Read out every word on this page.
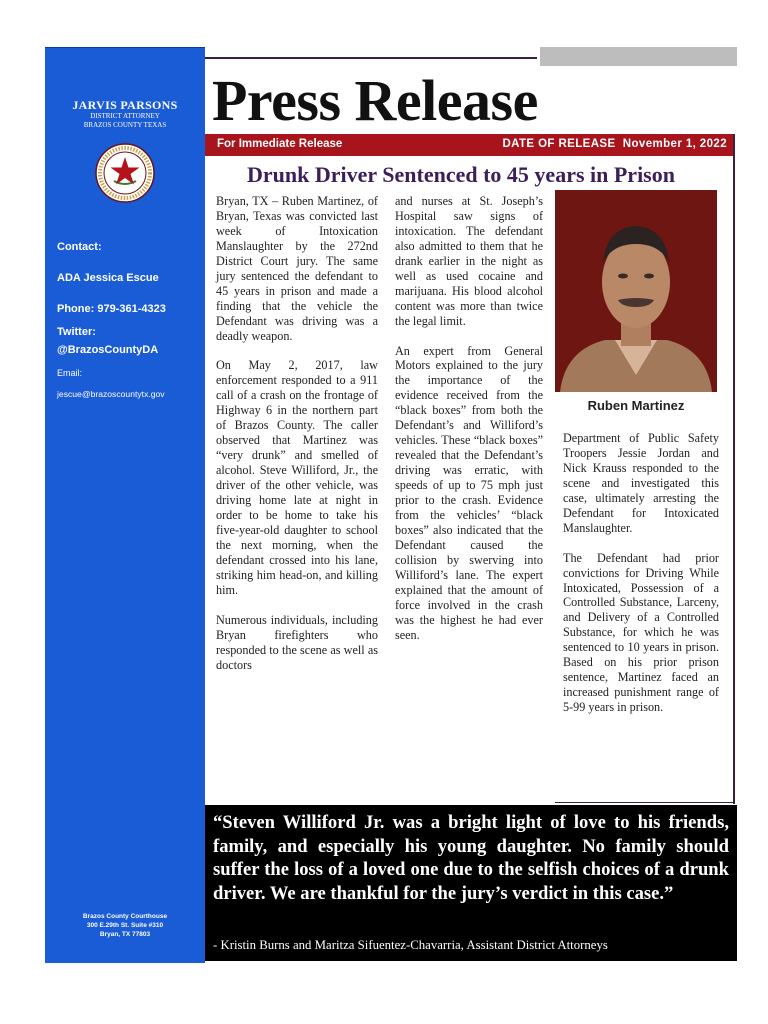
JARVIS PARSONS
DISTRICT ATTORNEY
BRAZOS COUNTY TEXAS
Contact:
ADA Jessica Escue
Phone: 979-361-4323
Twitter:
@BrazosCountyDA
Email:
jescue@brazoscountytx.gov
Brazos County Courthouse
300 E.29th St. Suite #310
Bryan, TX 77803
Press Release
For Immediate Release	DATE OF RELEASE November 1, 2022
Drunk Driver Sentenced to 45 years in Prison

Bryan, TX – Ruben Martinez, of Bryan, Texas was convicted last week of Intoxication Manslaughter by the 272nd District Court jury. The same jury sentenced the defendant to 45 years in prison and made a finding that the vehicle the Defendant was driving was a deadly weapon.

On May 2, 2017, law enforcement responded to a 911 call of a crash on the frontage of Highway 6 in the northern part of Brazos County. The caller observed that Martinez was “very drunk” and smelled of alcohol. Steve Williford, Jr., the driver of the other vehicle, was driving home late at night in order to be home to take his five-year-old daughter to school the next morning, when the defendant crossed into his lane, striking him head-on, and killing him.

Numerous individuals, including Bryan firefighters who responded to the scene as well as doctors

and nurses at St. Joseph’s Hospital saw signs of intoxication. The defendant also admitted to them that he drank earlier in the night as well as used cocaine and marijuana. His blood alcohol content was more than twice the legal limit.

An expert from General Motors explained to the jury the importance of the evidence received from the “black boxes” from both the Defendant’s and Williford’s vehicles. These “black boxes” revealed that the Defendant’s driving was erratic, with speeds of up to 75 mph just prior to the crash. Evidence from the vehicles’ “black boxes” also indicated that the Defendant caused the collision by swerving into Williford’s lane. The expert explained that the amount of force involved in the crash was the highest he had ever seen.

Ruben Martinez

Department of Public Safety Troopers Jessie Jordan and Nick Krauss responded to the scene and investigated this case, ultimately arresting the Defendant for Intoxicated Manslaughter.

The Defendant had prior convictions for Driving While Intoxicated, Possession of a Controlled Substance, Larceny, and Delivery of a Controlled Substance, for which he was sentenced to 10 years in prison. Based on his prior prison sentence, Martinez faced an increased punishment range of 5-99 years in prison.

“Steven Williford Jr. was a bright light of love to his friends, family, and especially his young daughter. No family should suffer the loss of a loved one due to the selfish choices of a drunk driver. We are thankful for the jury’s verdict in this case.”
- Kristin Burns and Maritza Sifuentez-Chavarria, Assistant District Attorneys
